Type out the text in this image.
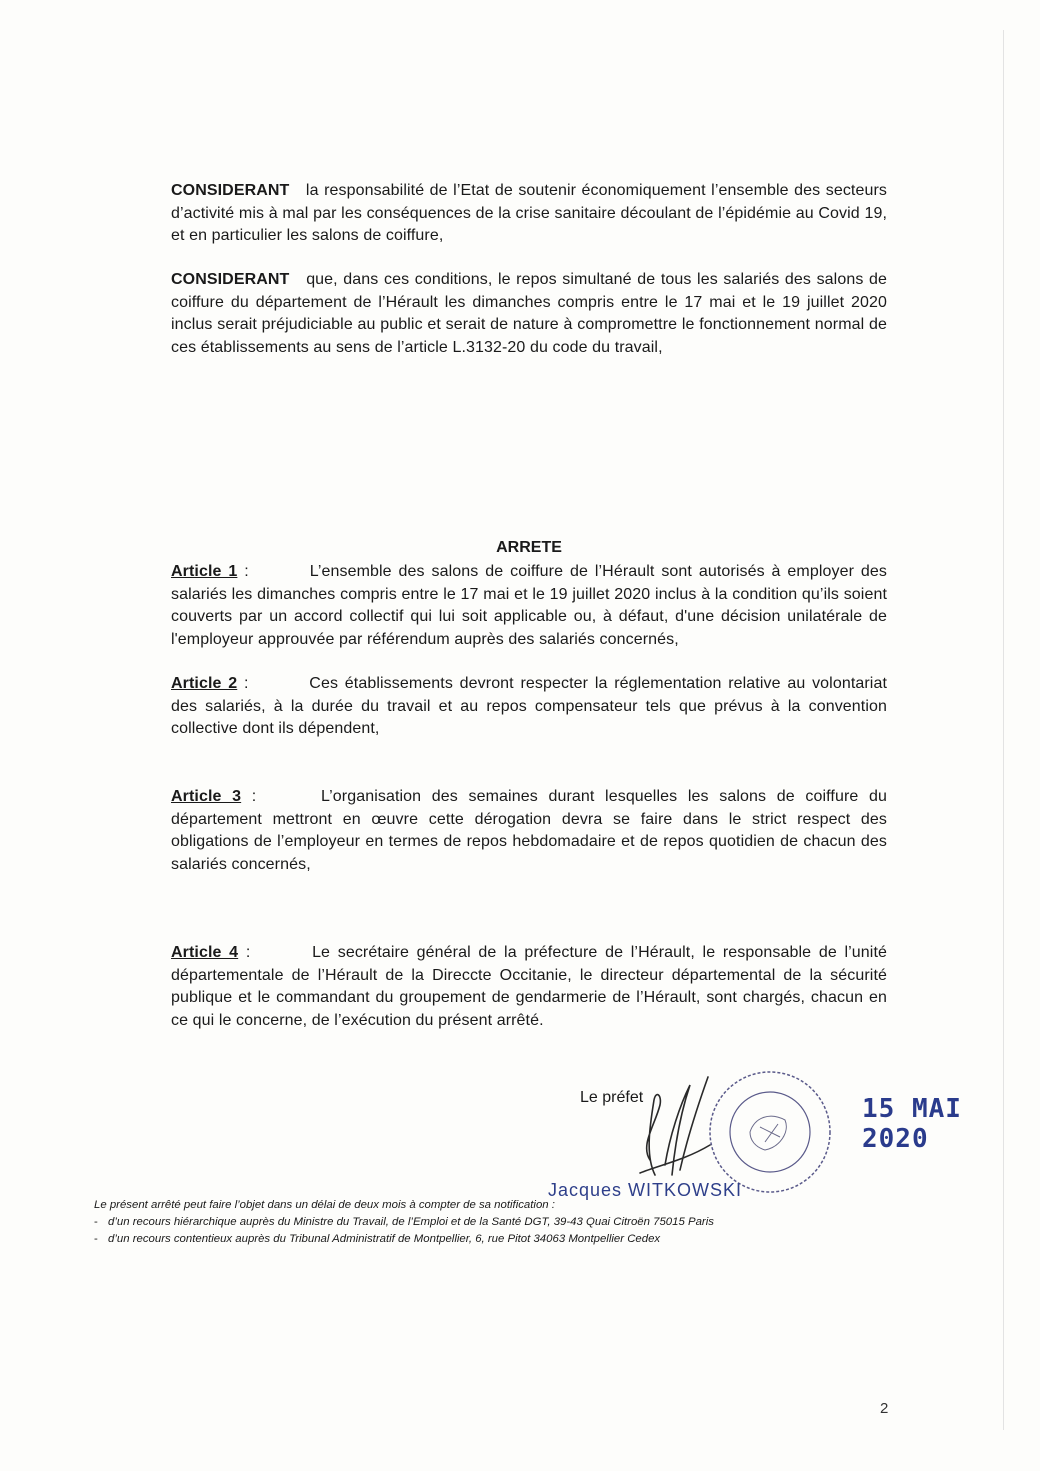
CONSIDERANT la responsabilité de l’Etat de soutenir économiquement l’ensemble des secteurs d’activité mis à mal par les conséquences de la crise sanitaire découlant de l’épidémie au Covid 19, et en particulier les salons de coiffure,

CONSIDERANT que, dans ces conditions, le repos simultané de tous les salariés des salons de coiffure du département de l’Hérault les dimanches compris entre le 17 mai et le 19 juillet 2020 inclus serait préjudiciable au public et serait de nature à compromettre le fonctionnement normal de ces établissements au sens de l’article L.3132-20 du code du travail,

ARRETE

Article 1 :	L’ensemble des salons de coiffure de l’Hérault sont autorisés à employer des salariés les dimanches compris entre le 17 mai et le 19 juillet 2020 inclus à la condition qu’ils soient couverts par un accord collectif qui lui soit applicable ou, à défaut, d'une décision unilatérale de l'employeur approuvée par référendum auprès des salariés concernés,

Article 2 :	Ces établissements devront respecter la réglementation relative au volontariat des salariés, à la durée du travail et au repos compensateur tels que prévus à la convention collective dont ils dépendent,

Article 3 :	L’organisation des semaines durant lesquelles les salons de coiffure du département mettront en œuvre cette dérogation devra se faire dans le strict respect des obligations de l’employeur en termes de repos hebdomadaire et de repos quotidien de chacun des salariés concernés,

Article 4 :	Le secrétaire général de la préfecture de l’Hérault, le responsable de l’unité départementale de l’Hérault de la Direccte Occitanie, le directeur départemental de la sécurité publique et le commandant du groupement de gendarmerie de l’Hérault, sont chargés, chacun en ce qui le concerne, de l’exécution du présent arrêté.

Le préfet	15 MAI 2020
Jacques WITKOWSKI
Le présent arrêté peut faire l’objet dans un délai de deux mois à compter de sa notification :
- d’un recours hiérarchique auprès du Ministre du Travail, de l’Emploi et de la Santé DGT, 39-43 Quai Citroën 75015 Paris
- d’un recours contentieux auprès du Tribunal Administratif de Montpellier, 6, rue Pitot 34063 Montpellier Cedex
2
